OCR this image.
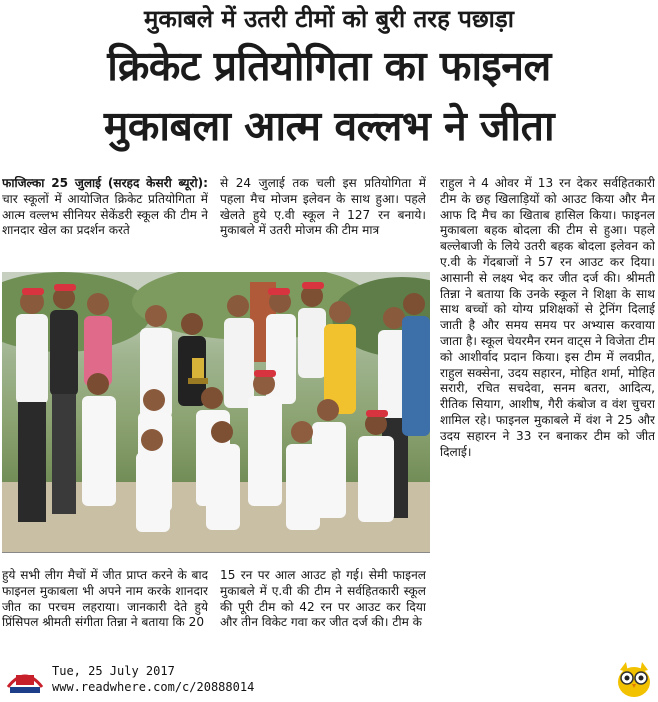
मुकाबले में उतरी टीमों को बुरी तरह पछाड़ा
क्रिकेट प्रतियोगिता का फाइनल
मुकाबला आत्म वल्लभ ने जीता

फाजिल्का 25 जुलाई (सरहद केसरी ब्यूरो): चार स्कूलों में आयोजित क्रिकेट प्रतियोगिता में आत्म वल्लभ सीनियर सेकेंडरी स्कूल की टीम ने शानदार खेल का प्रदर्शन करते

से 24 जुलाई तक चली इस प्रतियोगिता में पहला मैच मोजम इलेवन के साथ हुआ। पहले खेलते हुये ए.वी स्कूल ने 127 रन बनाये। मुकाबले में उतरी मोजम की टीम मात्र

राहुल ने 4 ओवर में 13 रन देकर सर्वहितकारी टीम के छह खिलाड़ियों को आउट किया और मैन आफ दि मैच का खिताब हासिल किया। फाइनल मुकाबला बहक बोदला की टीम से हुआ। पहले बल्लेबाजी के लिये उतरी बहक बोदला इलेवन को ए.वी के गेंदबाजों ने 57 रन आउट कर दिया। आसानी से लक्ष्य भेद कर जीत दर्ज की। श्रीमती तिन्ना ने बताया कि उनके स्कूल ने शिक्षा के साथ साथ बच्चों को योग्य प्रशिक्षकों से ट्रेनिंग दिलाई जाती है और समय समय पर अभ्यास करवाया जाता है। स्कूल चेयरमैन रमन वाट्स ने विजेता टीम को आशीर्वाद प्रदान किया। इस टीम में लवप्रीत, राहुल सक्सेना, उदय सहारन, मोहित शर्मा, मोहित सरारी, रचित सचदेवा, सनम बतरा, आदित्य, रीतिक सियाग, आशीष, गैरी कंबोज व वंश चुचरा शामिल रहे। फाइनल मुकाबले में वंश ने 25 और उदय सहारन ने 33 रन बनाकर टीम को जीत दिलाई।

हुये सभी लीग मैचों में जीत प्राप्त करने के बाद फाइनल मुकाबला भी अपने नाम करके शानदार जीत का परचम लहराया। जानकारी देते हुये प्रिंसिपल श्रीमती संगीता तिन्ना ने बताया कि 20

15 रन पर आल आउट हो गई। सेमी फाइनल मुकाबले में ए.वी की टीम ने सर्वहितकारी स्कूल की पूरी टीम को 42 रन पर आउट कर दिया और तीन विकेट गवा कर जीत दर्ज की। टीम के

Tue, 25 July 2017
www.readwhere.com/c/20888014
